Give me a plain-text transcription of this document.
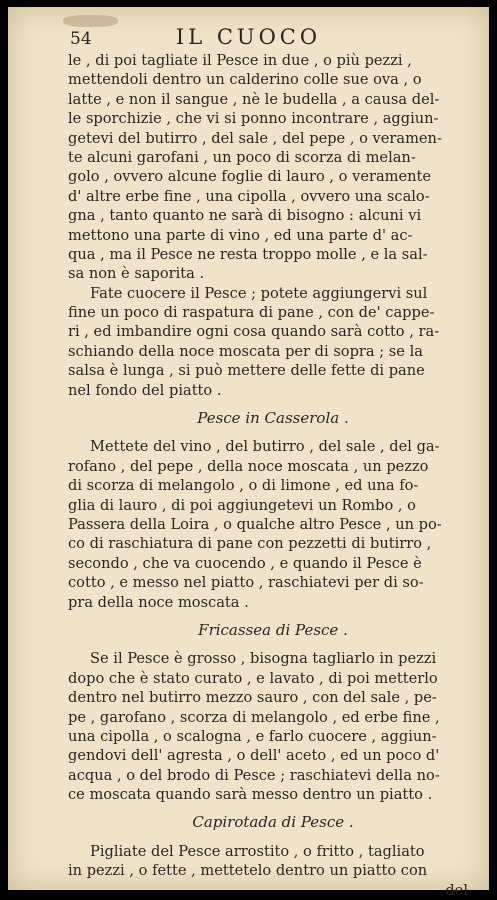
54	IL CUOCO
le , di poi tagliate il Pesce in due , o più pezzi ,
mettendoli dentro un calderino colle sue ova , o
latte , e non il sangue , nè le budella , a causa del-
le sporchizie , che vi si ponno incontrare , aggiun-
getevi del butirro , del sale , del pepe , o veramen-
te alcuni garofani , un poco di scorza di melan-
golo , ovvero alcune foglie di lauro , o veramente
d' altre erbe fine , una cipolla , ovvero una scalo-
gna , tanto quanto ne sarà di bisogno : alcuni vi
mettono una parte di vino , ed una parte d' ac-
qua , ma il Pesce ne resta troppo molle , e la sal-
sa non è saporita .
Fate cuocere il Pesce ; potete aggiungervi sul
fine un poco di raspatura di pane , con de' cappe-
ri , ed imbandire ogni cosa quando sarà cotto , ra-
schiando della noce moscata per di sopra ; se la
salsa è lunga , si può mettere delle fette di pane
nel fondo del piatto .
Pesce in Casserola .
Mettete del vino , del butirro , del sale , del ga-
rofano , del pepe , della noce moscata , un pezzo
di scorza di melangolo , o di limone , ed una fo-
glia di lauro , di poi aggiungetevi un Rombo , o
Passera della Loira , o qualche altro Pesce , un po-
co di raschiatura di pane con pezzetti di butirro ,
secondo , che va cuocendo , e quando il Pesce è
cotto , e messo nel piatto , raschiatevi per di so-
pra della noce moscata .
Fricassea di Pesce .
Se il Pesce è grosso , bisogna tagliarlo in pezzi
dopo che è stato curato , e lavato , di poi metterlo
dentro nel butirro mezzo sauro , con del sale , pe-
pe , garofano , scorza di melangolo , ed erbe fine ,
una cipolla , o scalogna , e farlo cuocere , aggiun-
gendovi dell' agresta , o dell' aceto , ed un poco d'
acqua , o del brodo di Pesce ; raschiatevi della no-
ce moscata quando sarà messo dentro un piatto .
Capirotada di Pesce .
Pigliate del Pesce arrostito , o fritto , tagliato
in pezzi , o fette , mettetelo dentro un piatto con
del
